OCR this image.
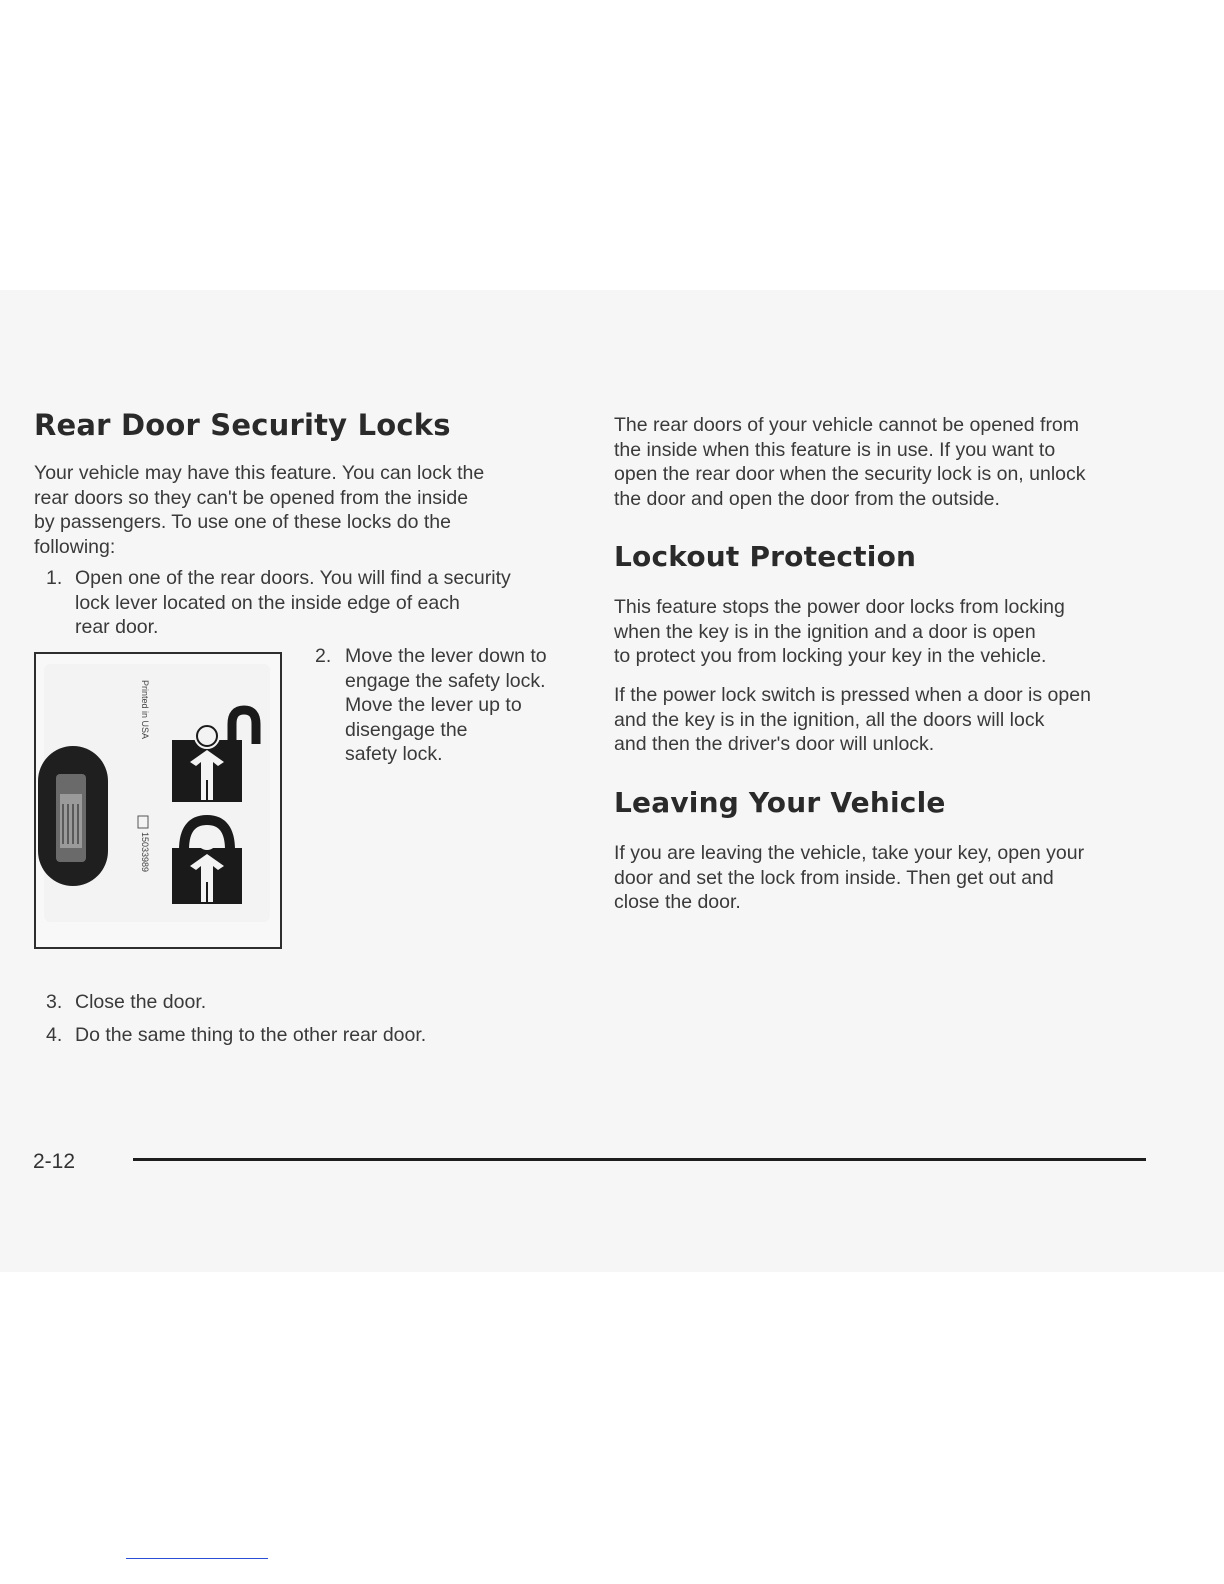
Rear Door Security Locks

Your vehicle may have this feature. You can lock the
rear doors so they can't be opened from the inside
by passengers. To use one of these locks do the
following:

1. Open one of the rear doors. You will find a security
lock lever located on the inside edge of each
rear door.

Printed in USA
15033989
2. Move the lever down to
engage the safety lock.
Move the lever up to
disengage the
safety lock.

3. Close the door.

4. Do the same thing to the other rear door.

The rear doors of your vehicle cannot be opened from
the inside when this feature is in use. If you want to
open the rear door when the security lock is on, unlock
the door and open the door from the outside.

Lockout Protection

This feature stops the power door locks from locking
when the key is in the ignition and a door is open
to protect you from locking your key in the vehicle.

If the power lock switch is pressed when a door is open
and the key is in the ignition, all the doors will lock
and then the driver's door will unlock.

Leaving Your Vehicle

If you are leaving the vehicle, take your key, open your
door and set the lock from inside. Then get out and
close the door.

2-12
